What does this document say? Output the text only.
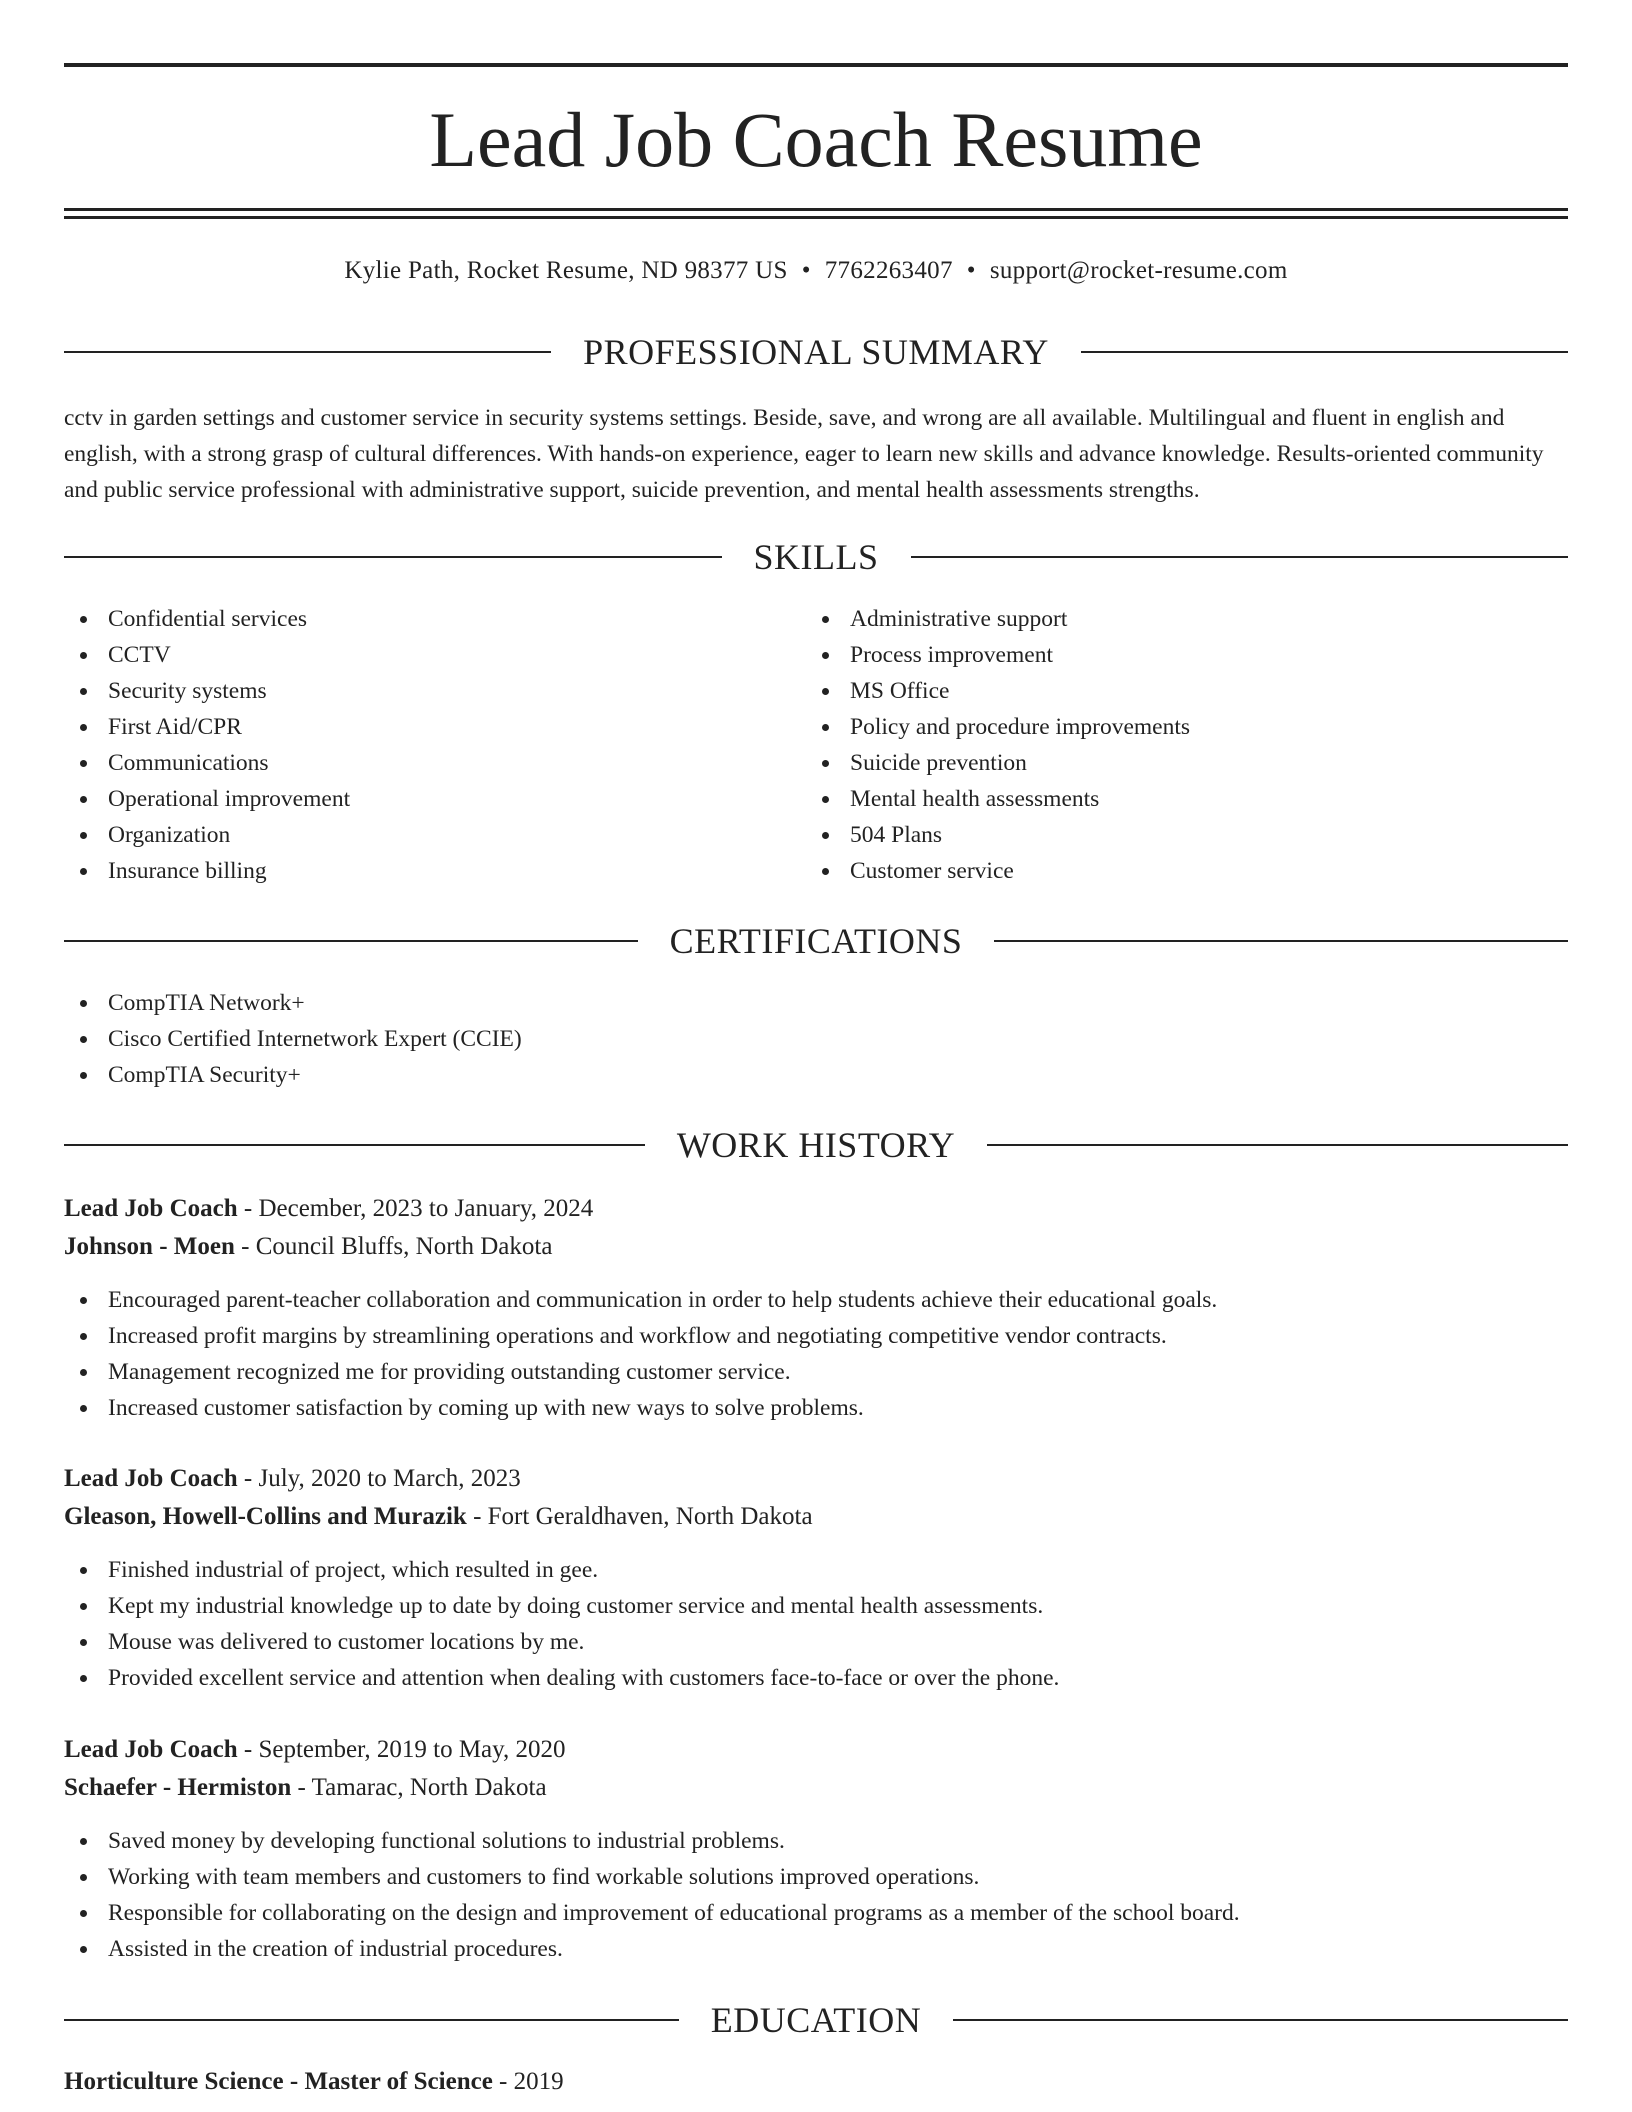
Lead Job Coach Resume
Kylie Path, Rocket Resume, ND 98377 US • 7762263407 • support@rocket-resume.com
PROFESSIONAL SUMMARY

cctv in garden settings and customer service in security systems settings. Beside, save, and wrong are all available. Multilingual and fluent in english and english, with a strong grasp of cultural differences. With hands-on experience, eager to learn new skills and advance knowledge. Results-oriented community and public service professional with administrative support, suicide prevention, and mental health assessments strengths.

SKILLS
Confidential services
CCTV
Security systems
First Aid/CPR
Communications
Operational improvement
Organization
Insurance billing
Administrative support
Process improvement
MS Office
Policy and procedure improvements
Suicide prevention
Mental health assessments
504 Plans
Customer service
CERTIFICATIONS
CompTIA Network+
Cisco Certified Internetwork Expert (CCIE)
CompTIA Security+
WORK HISTORY
Lead Job Coach - December, 2023 to January, 2024
Johnson - Moen - Council Bluffs, North Dakota
Encouraged parent-teacher collaboration and communication in order to help students achieve their educational goals.
Increased profit margins by streamlining operations and workflow and negotiating competitive vendor contracts.
Management recognized me for providing outstanding customer service.
Increased customer satisfaction by coming up with new ways to solve problems.
Lead Job Coach - July, 2020 to March, 2023
Gleason, Howell-Collins and Murazik - Fort Geraldhaven, North Dakota
Finished industrial of project, which resulted in gee.
Kept my industrial knowledge up to date by doing customer service and mental health assessments.
Mouse was delivered to customer locations by me.
Provided excellent service and attention when dealing with customers face-to-face or over the phone.
Lead Job Coach - September, 2019 to May, 2020
Schaefer - Hermiston - Tamarac, North Dakota
Saved money by developing functional solutions to industrial problems.
Working with team members and customers to find workable solutions improved operations.
Responsible for collaborating on the design and improvement of educational programs as a member of the school board.
Assisted in the creation of industrial procedures.
EDUCATION
Horticulture Science - Master of Science - 2019
